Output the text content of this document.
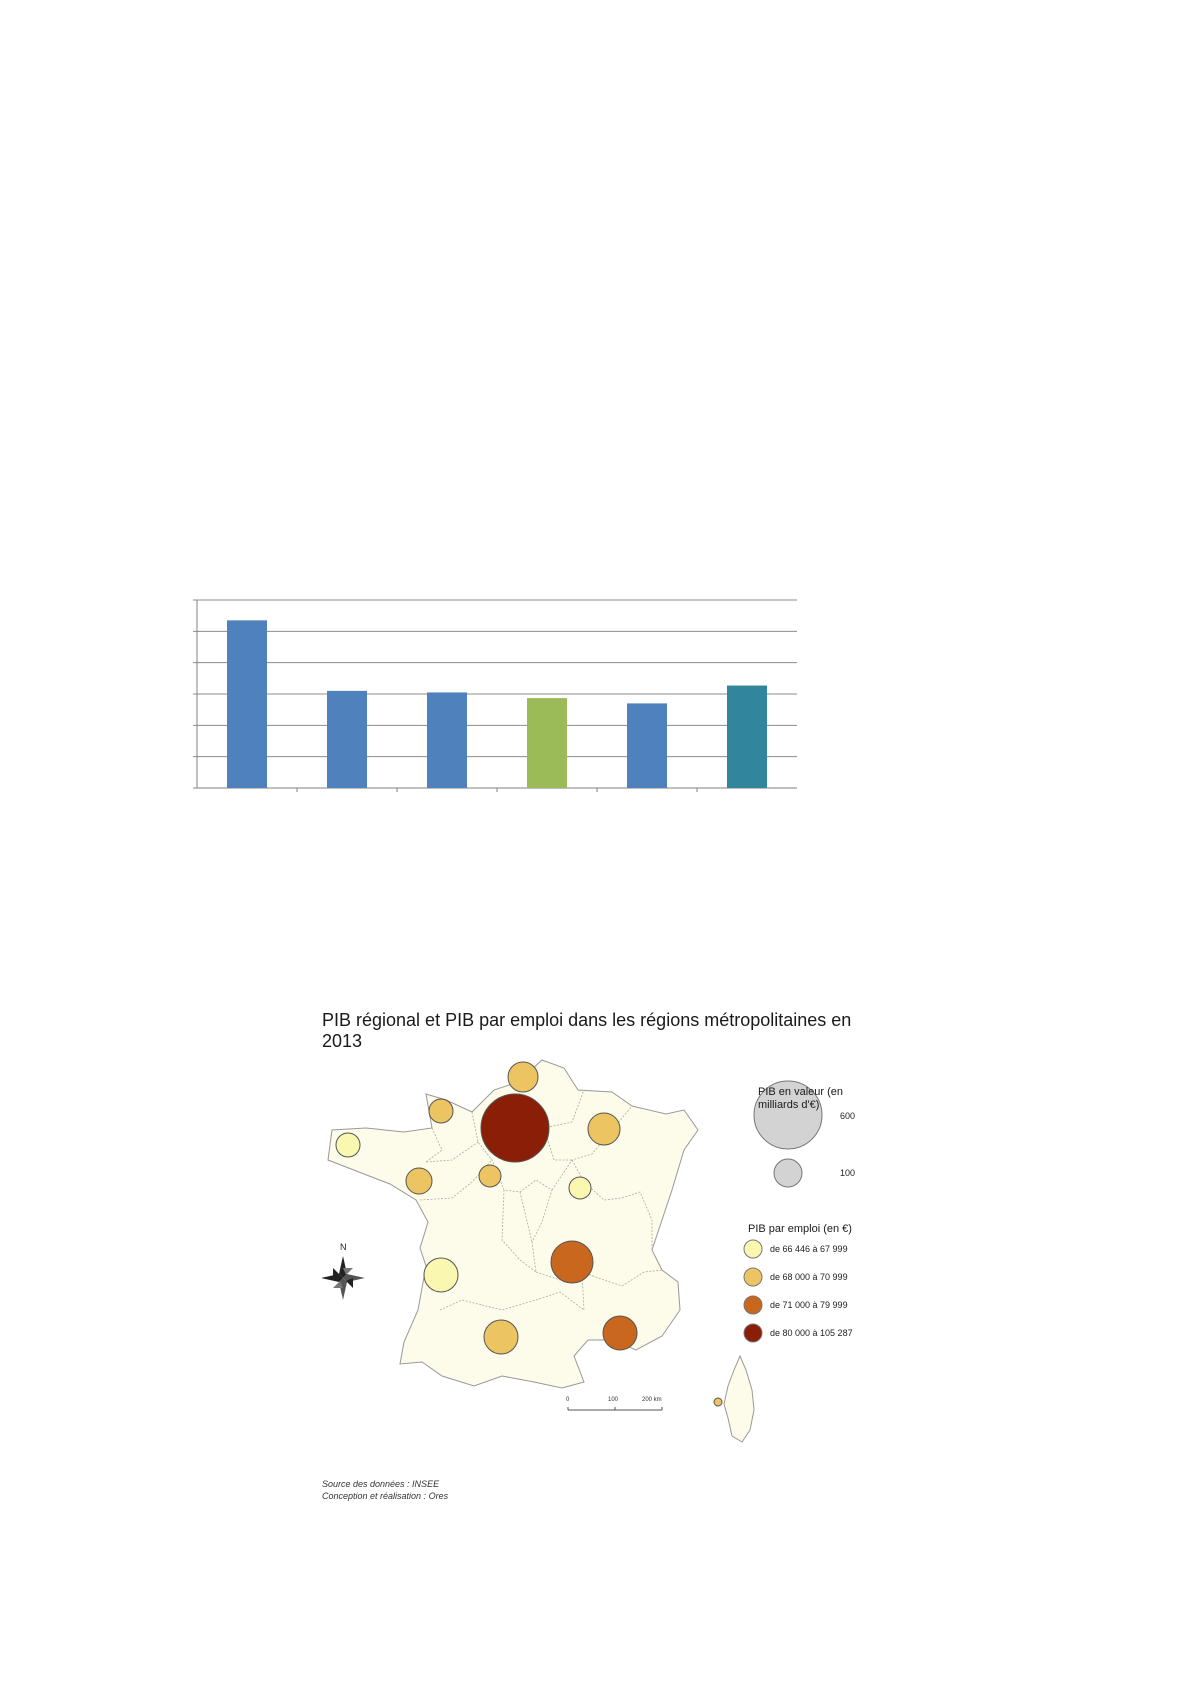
PIB régional et PIB par emploi dans les régions métropolitaines en 2013
N
0	100	200 km
600
100
de 66 446 à 67 999
de 68 000 à 70 999
de 71 000 à 79 999
de 80 000 à 105 287
PIB en valeur (en milliards d'€)
PIB par emploi (en €)
Source des données : INSEE
Conception et réalisation : Ores
